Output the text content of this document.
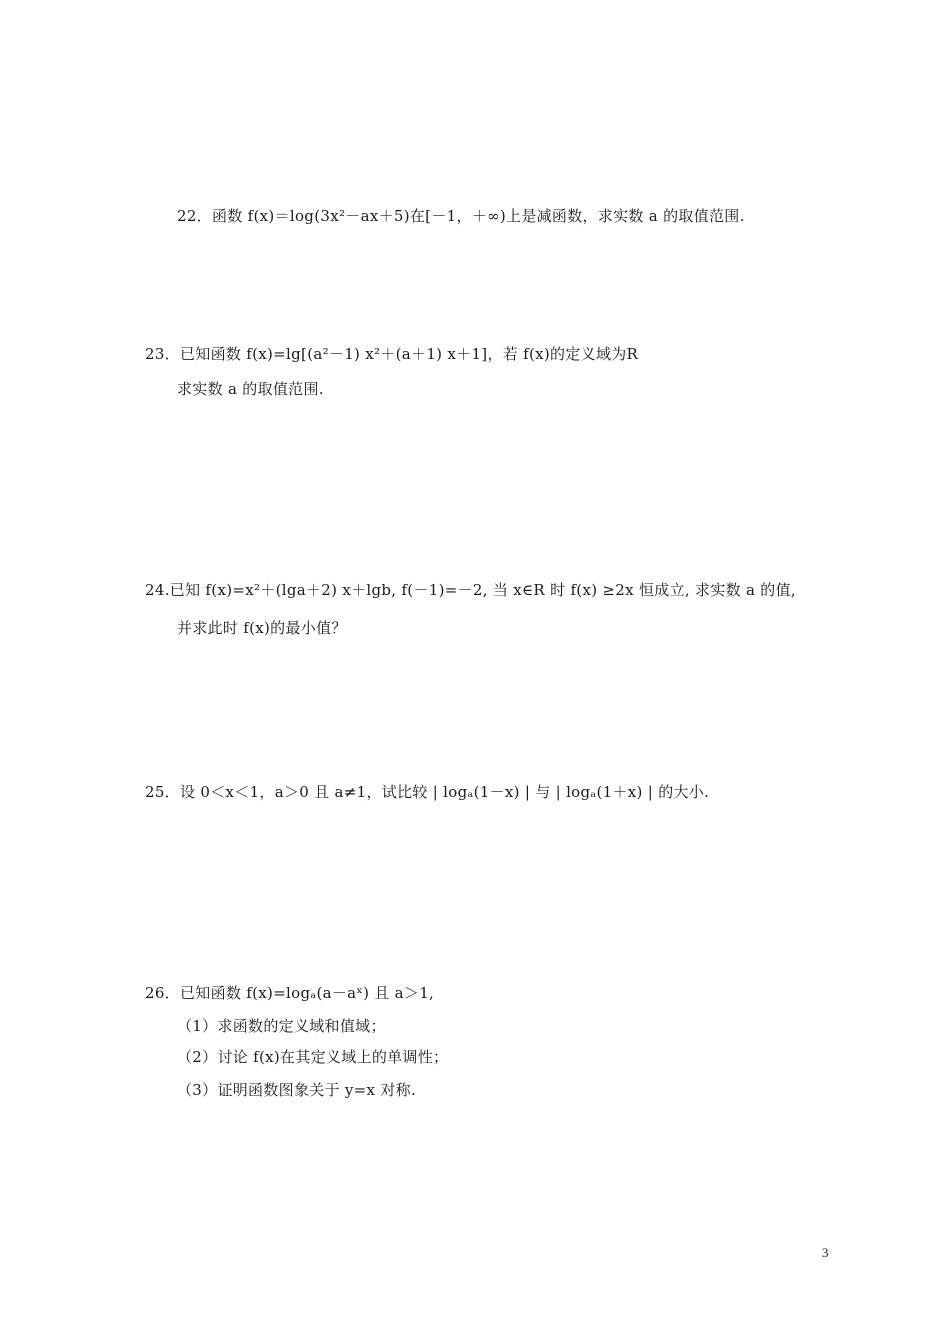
22．函数 f(x)＝log(3x²－ax＋5)在[－1，＋∞)上是减函数，求实数 a 的取值范围.
23．已知函数 f(x)=lg[(a²－1) x²＋(a＋1) x＋1]，若 f(x)的定义域为R
求实数 a 的取值范围.
24.已知 f(x)=x²＋(lga＋2) x＋lgb, f(－1)=－2, 当 x∈R 时 f(x) ≥2x 恒成立, 求实数 a 的值,
并求此时 f(x)的最小值？
25．设 0＜x＜1，a＞0 且 a≠1，试比较 | logₐ(1－x) | 与 | logₐ(1＋x) | 的大小.
26．已知函数 f(x)=logₐ(a－aˣ) 且 a＞1,
（1）求函数的定义域和值域；
（2）讨论 f(x)在其定义域上的单调性；
（3）证明函数图象关于 y=x 对称.
3
